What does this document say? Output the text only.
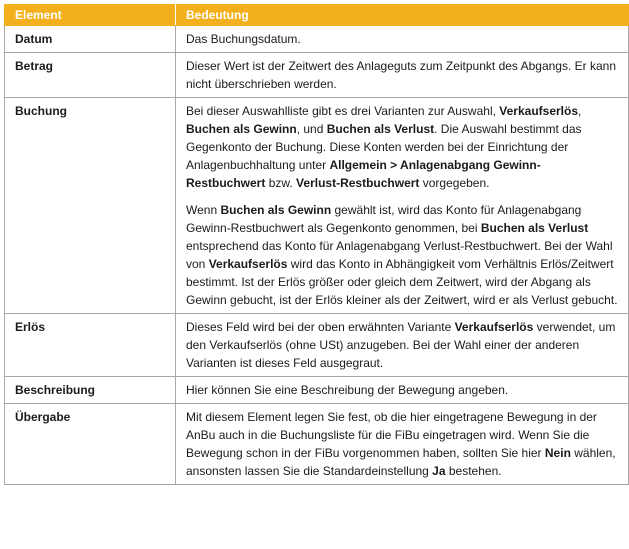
Element	Bedeutung
Datum	Das Buchungsdatum.

Betrag	Dieser Wert ist der Zeitwert des Anlageguts zum Zeitpunkt des Abgangs. Er kann nicht überschrieben werden.

Buchung	Bei dieser Auswahlliste gibt es drei Varianten zur Auswahl, Verkaufserlös, Buchen als Gewinn, und Buchen als Verlust. Die Auswahl bestimmt das Gegenkonto der Buchung. Diese Konten werden bei der Einrichtung der Anlagenbuchhaltung unter Allgemein > Anlagenabgang Gewinn-Restbuchwert bzw. Verlust-Restbuchwert vorgegeben.

Wenn Buchen als Gewinn gewählt ist, wird das Konto für Anlagenabgang Gewinn-Restbuchwert als Gegenkonto genommen, bei Buchen als Verlust entsprechend das Konto für Anlagenabgang Verlust-Restbuchwert. Bei der Wahl von Verkaufserlös wird das Konto in Abhängigkeit vom Verhältnis Erlös/Zeitwert bestimmt. Ist der Erlös größer oder gleich dem Zeitwert, wird der Abgang als Gewinn gebucht, ist der Erlös kleiner als der Zeitwert, wird er als Verlust gebucht.

Erlös	Dieses Feld wird bei der oben erwähnten Variante Verkaufserlös verwendet, um den Verkaufserlös (ohne USt) anzugeben. Bei der Wahl einer der anderen Varianten ist dieses Feld ausgegraut.

Beschreibung	Hier können Sie eine Beschreibung der Bewegung angeben.

Übergabe	Mit diesem Element legen Sie fest, ob die hier eingetragene Bewegung in der AnBu auch in die Buchungsliste für die FiBu eingetragen wird. Wenn Sie die Bewegung schon in der FiBu vorgenommen haben, sollten Sie hier Nein wählen, ansonsten lassen Sie die Standardeinstellung Ja bestehen.
